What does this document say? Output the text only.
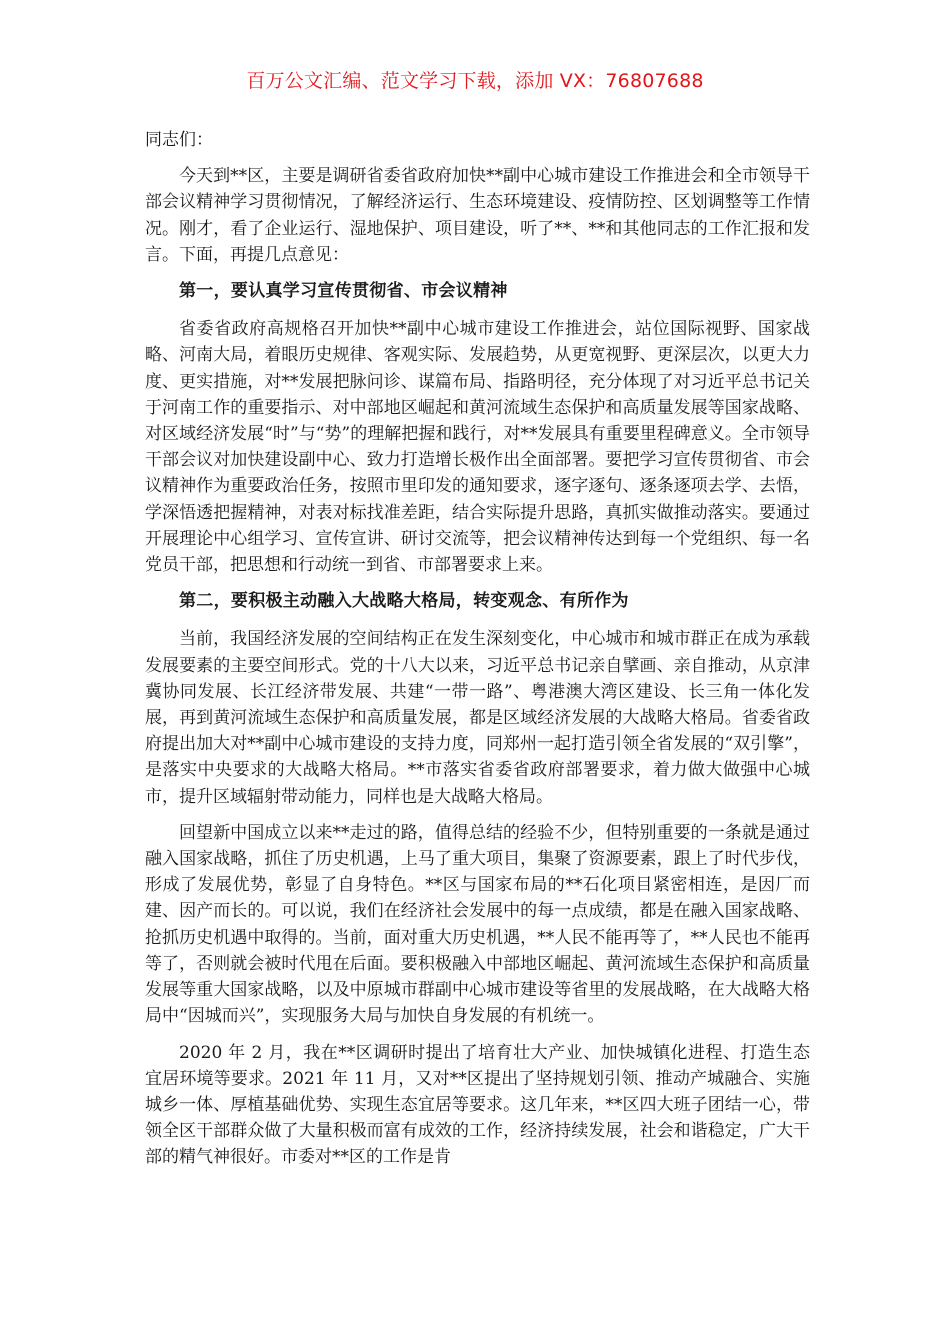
百万公文汇编、范文学习下载，添加 VX：76807688

同志们：

今天到**区，主要是调研省委省政府加快**副中心城市建设工作推进会和全市领导干部会议精神学习贯彻情况，了解经济运行、生态环境建设、疫情防控、区划调整等工作情况。刚才，看了企业运行、湿地保护、项目建设，听了**、**和其他同志的工作汇报和发言。下面，再提几点意见：

第一，要认真学习宣传贯彻省、市会议精神

省委省政府高规格召开加快**副中心城市建设工作推进会，站位国际视野、国家战略、河南大局，着眼历史规律、客观实际、发展趋势，从更宽视野、更深层次，以更大力度、更实措施，对**发展把脉问诊、谋篇布局、指路明径，充分体现了对习近平总书记关于河南工作的重要指示、对中部地区崛起和黄河流域生态保护和高质量发展等国家战略、对区域经济发展“时”与“势”的理解把握和践行，对**发展具有重要里程碑意义。全市领导干部会议对加快建设副中心、致力打造增长极作出全面部署。要把学习宣传贯彻省、市会议精神作为重要政治任务，按照市里印发的通知要求，逐字逐句、逐条逐项去学、去悟，学深悟透把握精神，对表对标找准差距，结合实际提升思路，真抓实做推动落实。要通过开展理论中心组学习、宣传宣讲、研讨交流等，把会议精神传达到每一个党组织、每一名党员干部，把思想和行动统一到省、市部署要求上来。

第二，要积极主动融入大战略大格局，转变观念、有所作为

当前，我国经济发展的空间结构正在发生深刻变化，中心城市和城市群正在成为承载发展要素的主要空间形式。党的十八大以来，习近平总书记亲自擘画、亲自推动，从京津冀协同发展、长江经济带发展、共建“一带一路”、粤港澳大湾区建设、长三角一体化发展，再到黄河流域生态保护和高质量发展，都是区域经济发展的大战略大格局。省委省政府提出加大对**副中心城市建设的支持力度，同郑州一起打造引领全省发展的“双引擎”，是落实中央要求的大战略大格局。**市落实省委省政府部署要求，着力做大做强中心城市，提升区域辐射带动能力，同样也是大战略大格局。

回望新中国成立以来**走过的路，值得总结的经验不少，但特别重要的一条就是通过融入国家战略，抓住了历史机遇，上马了重大项目，集聚了资源要素，跟上了时代步伐，形成了发展优势，彰显了自身特色。**区与国家布局的**石化项目紧密相连，是因厂而建、因产而长的。可以说，我们在经济社会发展中的每一点成绩，都是在融入国家战略、抢抓历史机遇中取得的。当前，面对重大历史机遇，**人民不能再等了，**人民也不能再等了，否则就会被时代甩在后面。要积极融入中部地区崛起、黄河流域生态保护和高质量发展等重大国家战略，以及中原城市群副中心城市建设等省里的发展战略，在大战略大格局中“因城而兴”，实现服务大局与加快自身发展的有机统一。

2020 年 2 月，我在**区调研时提出了培育壮大产业、加快城镇化进程、打造生态宜居环境等要求。2021 年 11 月，又对**区提出了坚持规划引领、推动产城融合、实施城乡一体、厚植基础优势、实现生态宜居等要求。这几年来，**区四大班子团结一心，带领全区干部群众做了大量积极而富有成效的工作，经济持续发展，社会和谐稳定，广大干部的精气神很好。市委对**区的工作是肯
